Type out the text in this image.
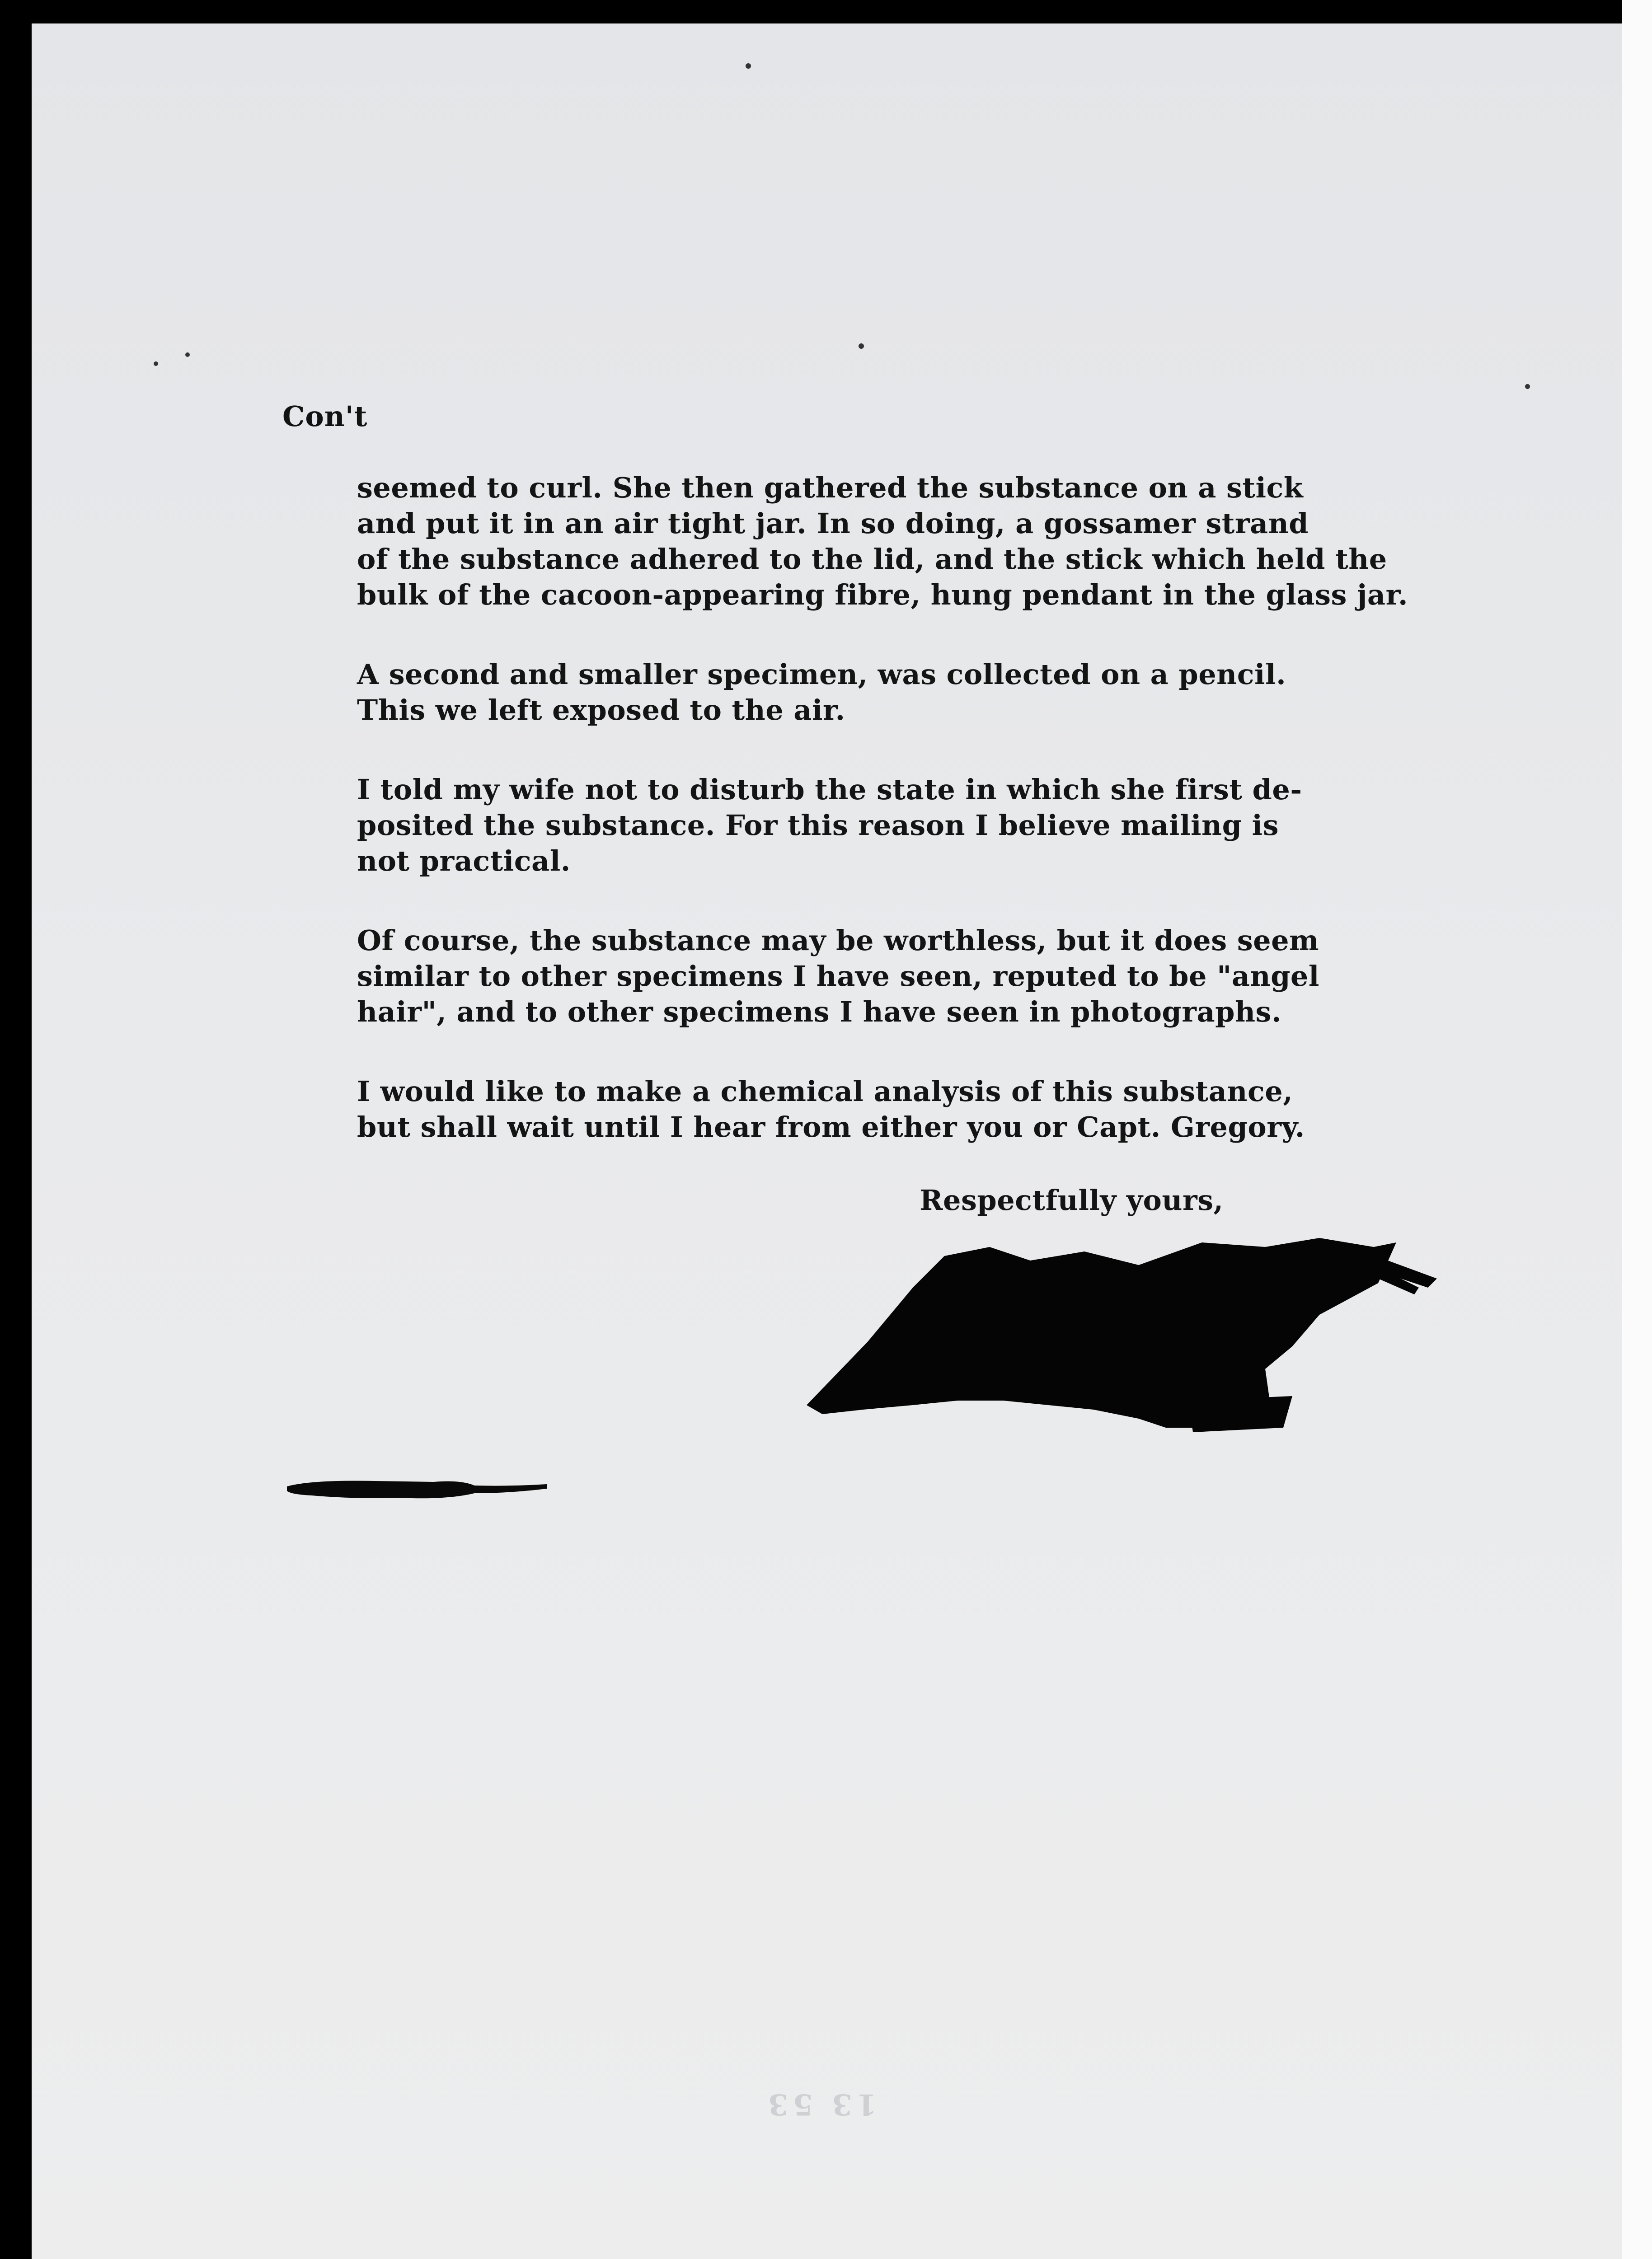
Con't

seemed to curl. She then gathered the substance on a stick
and put it in an air tight jar. In so doing, a gossamer strand
of the substance adhered to the lid, and the stick which held the
bulk of the cacoon-appearing fibre, hung pendant in the glass jar.

A second and smaller specimen, was collected on a pencil.
This we left exposed to the air.

I told my wife not to disturb the state in which she first de-
posited the substance. For this reason I believe mailing is
not practical.

Of course, the substance may be worthless, but it does seem
similar to other specimens I have seen, reputed to be "angel
hair", and to other specimens I have seen in photographs.

I would like to make a chemical analysis of this substance,
but shall wait until I hear from either you or Capt. Gregory.

Respectfully yours,
13 53
